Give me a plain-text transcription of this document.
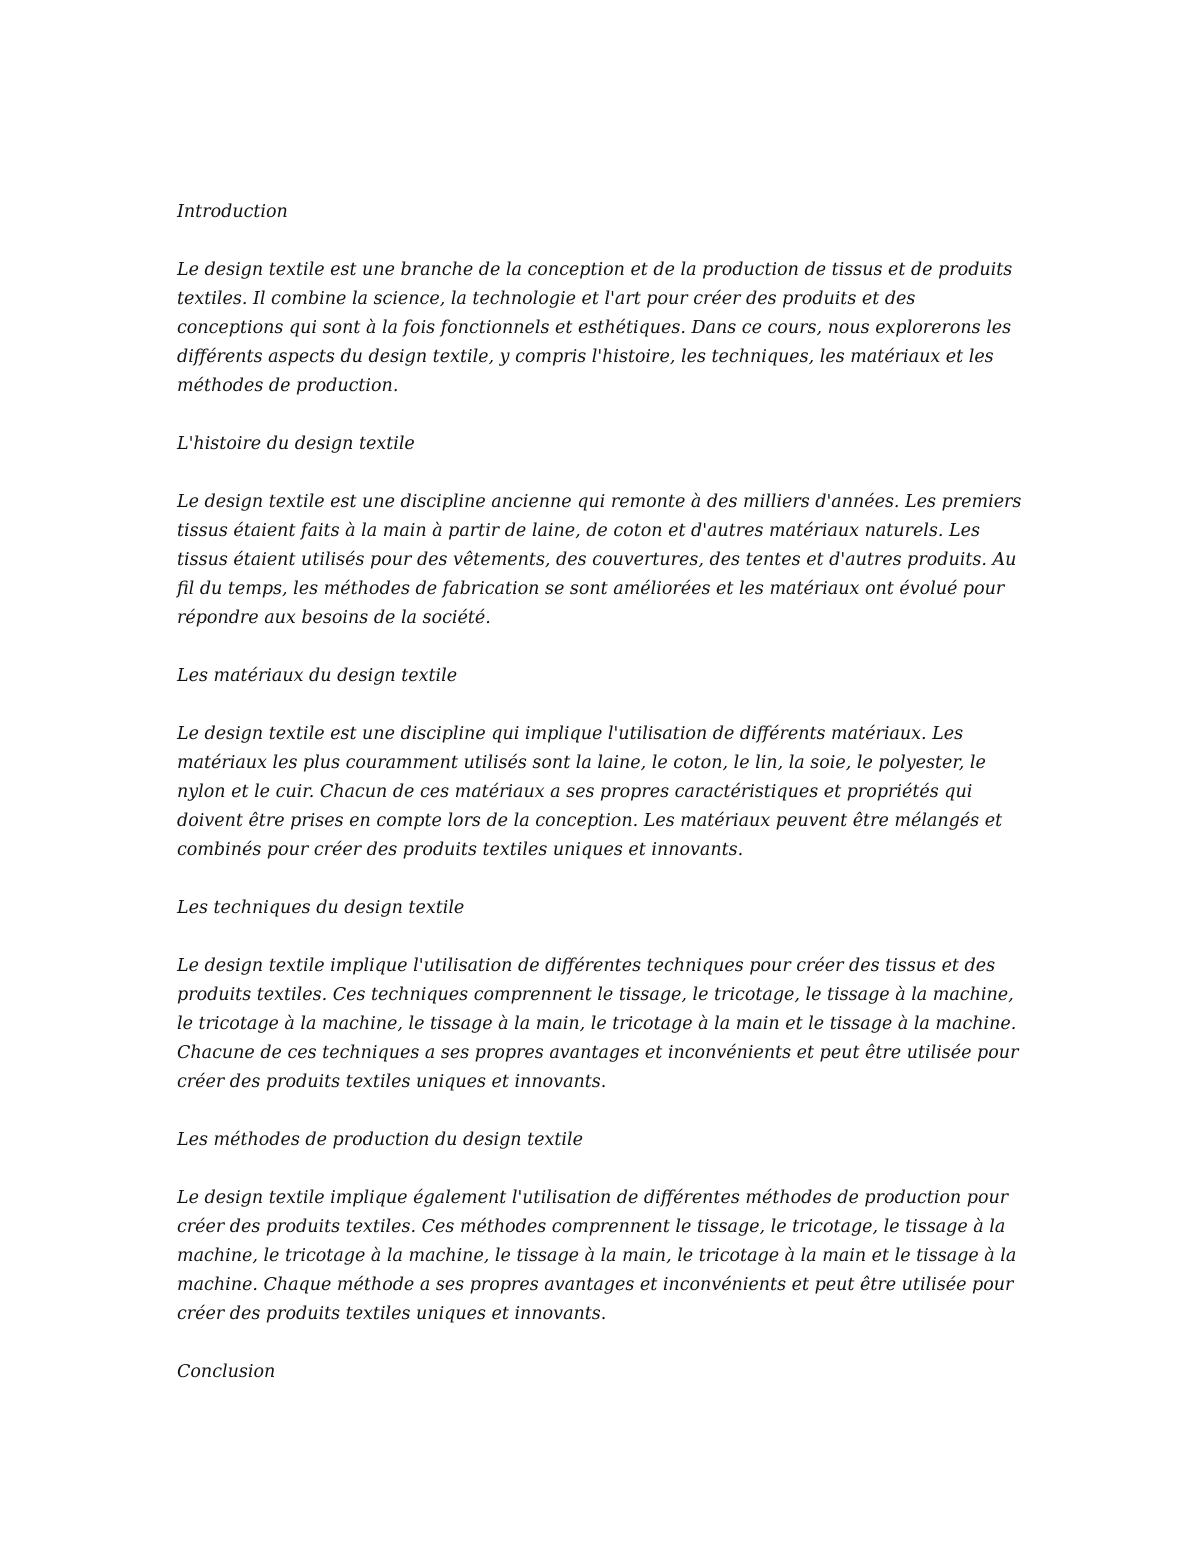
Introduction

Le design textile est une branche de la conception et de la production de tissus et de produits textiles. Il combine la science, la technologie et l'art pour créer des produits et des conceptions qui sont à la fois fonctionnels et esthétiques. Dans ce cours, nous explorerons les différents aspects du design textile, y compris l'histoire, les techniques, les matériaux et les méthodes de production.

L'histoire du design textile

Le design textile est une discipline ancienne qui remonte à des milliers d'années. Les premiers tissus étaient faits à la main à partir de laine, de coton et d'autres matériaux naturels. Les tissus étaient utilisés pour des vêtements, des couvertures, des tentes et d'autres produits. Au fil du temps, les méthodes de fabrication se sont améliorées et les matériaux ont évolué pour répondre aux besoins de la société.

Les matériaux du design textile

Le design textile est une discipline qui implique l'utilisation de différents matériaux. Les matériaux les plus couramment utilisés sont la laine, le coton, le lin, la soie, le polyester, le nylon et le cuir. Chacun de ces matériaux a ses propres caractéristiques et propriétés qui doivent être prises en compte lors de la conception. Les matériaux peuvent être mélangés et combinés pour créer des produits textiles uniques et innovants.

Les techniques du design textile

Le design textile implique l'utilisation de différentes techniques pour créer des tissus et des produits textiles. Ces techniques comprennent le tissage, le tricotage, le tissage à la machine, le tricotage à la machine, le tissage à la main, le tricotage à la main et le tissage à la machine. Chacune de ces techniques a ses propres avantages et inconvénients et peut être utilisée pour créer des produits textiles uniques et innovants.

Les méthodes de production du design textile

Le design textile implique également l'utilisation de différentes méthodes de production pour créer des produits textiles. Ces méthodes comprennent le tissage, le tricotage, le tissage à la machine, le tricotage à la machine, le tissage à la main, le tricotage à la main et le tissage à la machine. Chaque méthode a ses propres avantages et inconvénients et peut être utilisée pour créer des produits textiles uniques et innovants.

Conclusion
